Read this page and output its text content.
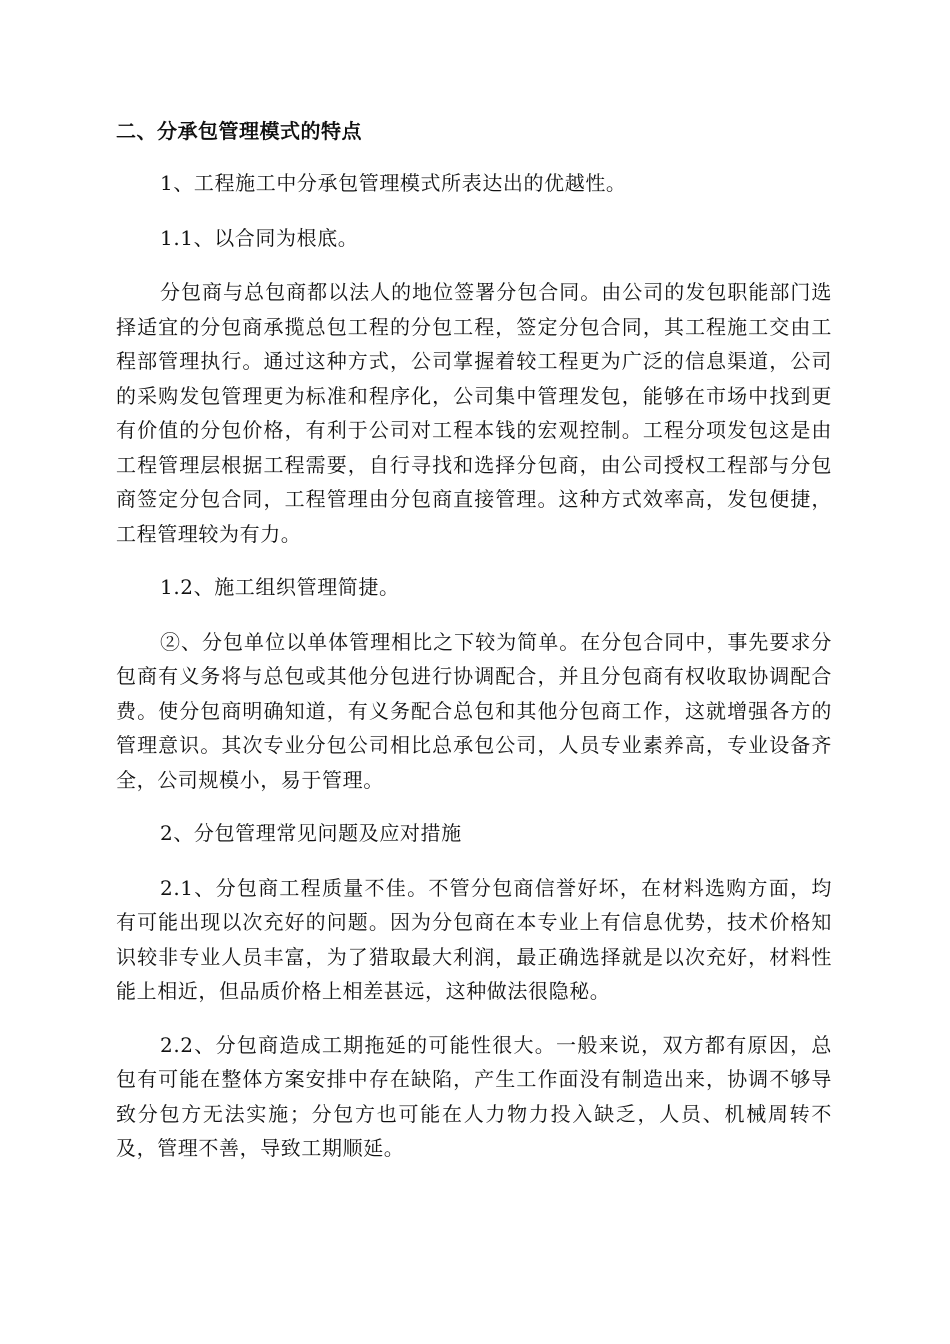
二、分承包管理模式的特点

1、工程施工中分承包管理模式所表达出的优越性。

1.1、以合同为根底。

分包商与总包商都以法人的地位签署分包合同。由公司的发包职能部门选择适宜的分包商承揽总包工程的分包工程，签定分包合同，其工程施工交由工程部管理执行。通过这种方式，公司掌握着较工程更为广泛的信息渠道，公司的采购发包管理更为标准和程序化，公司集中管理发包，能够在市场中找到更有价值的分包价格，有利于公司对工程本钱的宏观控制。工程分项发包这是由工程管理层根据工程需要，自行寻找和选择分包商，由公司授权工程部与分包商签定分包合同，工程管理由分包商直接管理。这种方式效率高，发包便捷，工程管理较为有力。

1.2、施工组织管理简捷。

②、分包单位以单体管理相比之下较为简单。在分包合同中，事先要求分包商有义务将与总包或其他分包进行协调配合，并且分包商有权收取协调配合费。使分包商明确知道，有义务配合总包和其他分包商工作，这就增强各方的管理意识。其次专业分包公司相比总承包公司，人员专业素养高，专业设备齐全，公司规模小，易于管理。

2、分包管理常见问题及应对措施

2.1、分包商工程质量不佳。不管分包商信誉好坏，在材料选购方面，均有可能出现以次充好的问题。因为分包商在本专业上有信息优势，技术价格知识较非专业人员丰富，为了猎取最大利润，最正确选择就是以次充好，材料性能上相近，但品质价格上相差甚远，这种做法很隐秘。

2.2、分包商造成工期拖延的可能性很大。一般来说，双方都有原因，总包有可能在整体方案安排中存在缺陷，产生工作面没有制造出来，协调不够导致分包方无法实施；分包方也可能在人力物力投入缺乏，人员、机械周转不及，管理不善，导致工期顺延。
